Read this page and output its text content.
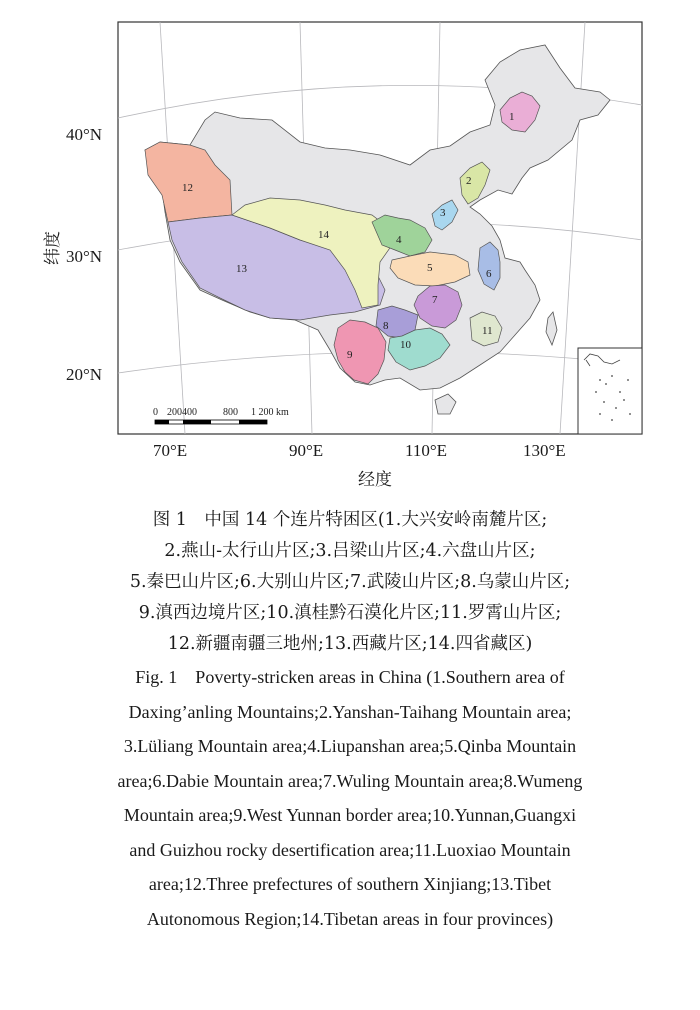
1
2
3
4
5	6
7
8
9
10
11
12
13
14
0 200400	800 1 200 km
40°N
30°N
20°N
70°E	90°E	110°E	130°E
纬度
经度

图 1　中国 14 个连片特困区(1.大兴安岭南麓片区;

2.燕山-太行山片区;3.吕梁山片区;4.六盘山片区;

5.秦巴山片区;6.大别山片区;7.武陵山片区;8.乌蒙山片区;

9.滇西边境片区;10.滇桂黔石漠化片区;11.罗霄山片区;

12.新疆南疆三地州;13.西藏片区;14.四省藏区)

Fig. 1　Poverty-stricken areas in China (1.Southern area of

Daxing’anling Mountains;2.Yanshan-Taihang Mountain area;

3.Lüliang Mountain area;4.Liupanshan area;5.Qinba Mountain

area;6.Dabie Mountain area;7.Wuling Mountain area;8.Wumeng

Mountain area;9.West Yunnan border area;10.Yunnan,Guangxi

and Guizhou rocky desertification area;11.Luoxiao Mountain

area;12.Three prefectures of southern Xinjiang;13.Tibet

Autonomous Region;14.Tibetan areas in four provinces)
